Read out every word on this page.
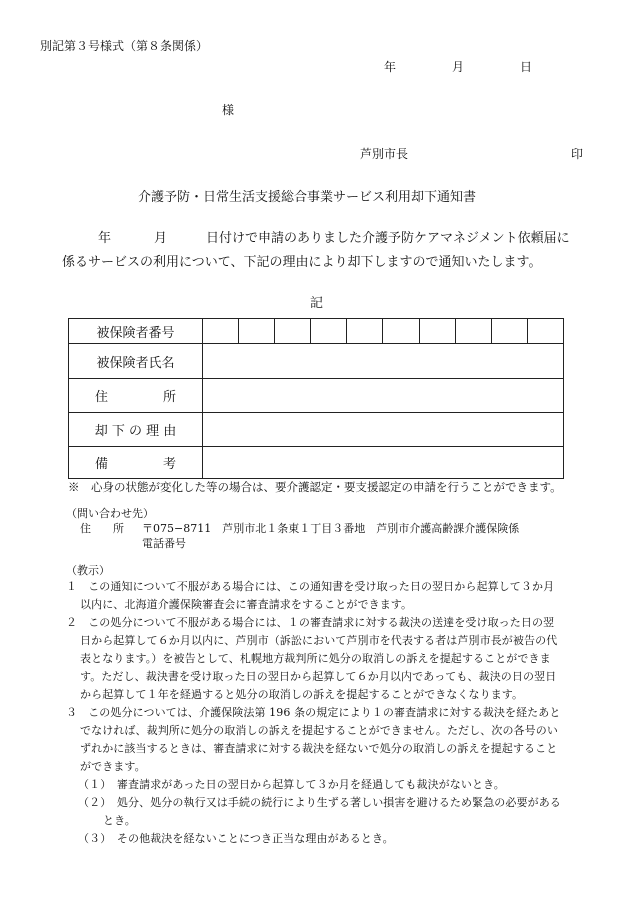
別記第３号様式（第８条関係）
年	月	日
様
芦別市長	印
介護予防・日常生活支援総合事業サービス利用却下通知書
年	月	日付けで申請のありました介護予防ケアマネジメント依頼届に
係るサービスの利用について、下記の理由により却下しますので通知いたします。
記
被保険者番号	

被保険者氏名	

住 所	

却 下 の 理 由	

備 考	

※　心身の状態が変化した等の場合は、要介護認定・要支援認定の申請を行うことができます。
（問い合わせ先）
住　　所 〒075−8711　芦別市北１条東１丁目３番地　芦別市介護高齢課介護保険係
電話番号
（教示）
１　この通知について不服がある場合には、この通知書を受け取った日の翌日から起算して３か月
以内に、北海道介護保険審査会に審査請求をすることができます。
２　この処分について不服がある場合には、１の審査請求に対する裁決の送達を受け取った日の翌
日から起算して６か月以内に、芦別市（訴訟において芦別市を代表する者は芦別市長が被告の代
表となります。）を被告として、札幌地方裁判所に処分の取消しの訴えを提起することができま
す。ただし、裁決書を受け取った日の翌日から起算して６か月以内であっても、裁決の日の翌日
から起算して１年を経過すると処分の取消しの訴えを提起することができなくなります。
３　この処分については、介護保険法第 196 条の規定により１の審査請求に対する裁決を経たあと
でなければ、裁判所に処分の取消しの訴えを提起することができません。ただし、次の各号のい
ずれかに該当するときは、審査請求に対する裁決を経ないで処分の取消しの訴えを提起すること
ができます。
（１）　審査請求があった日の翌日から起算して３か月を経過しても裁決がないとき。
（２）　処分、処分の執行又は手続の続行により生ずる著しい損害を避けるため緊急の必要がある
とき。
（３）　その他裁決を経ないことにつき正当な理由があるとき。
